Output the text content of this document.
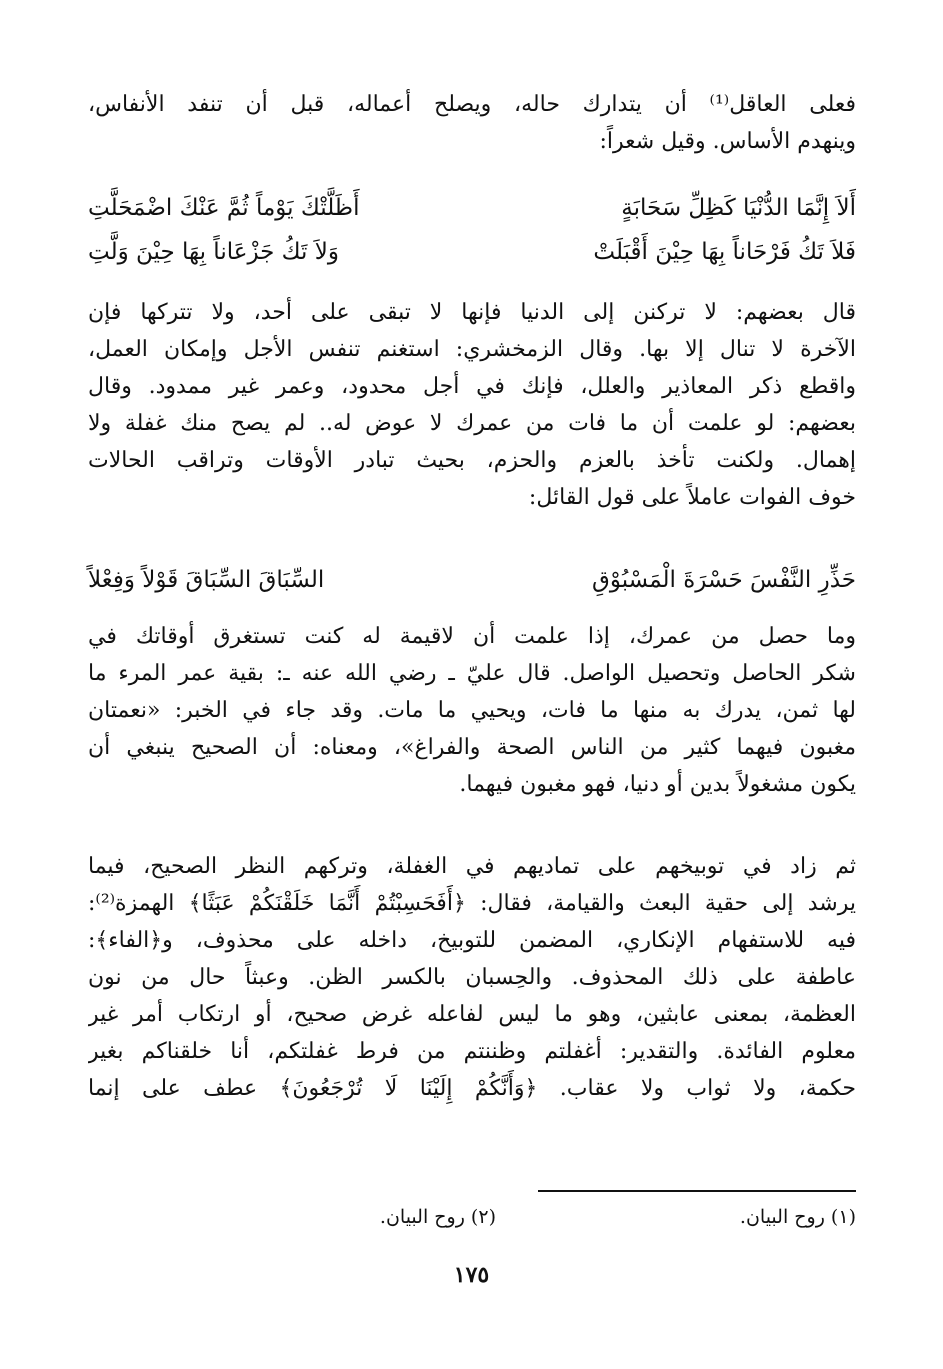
فعلى العاقل⁽¹⁾ أن يتدارك حاله، ويصلح أعماله، قبل أن تنفد الأنفاس،
وينهدم الأساس. وقيل شعراً:
أَلاَ إِنَّمَا الدُّنْيَا كَظِلِّ سَحَابَةٍ
أَظَلَّتْكَ يَوْماً ثُمَّ عَنْكَ اضْمَحَلَّتِ
فَلاَ تَكُ فَرْحَاناً بِهَا حِيْنَ أَقْبَلَتْ
وَلاَ تَكُ جَزْعَاناً بِهَا حِيْنَ وَلَّتِ
قال بعضهم: لا تركنن إلى الدنيا فإنها لا تبقى على أحد، ولا تتركها فإن
الآخرة لا تنال إلا بها. وقال الزمخشري: استغنم تنفس الأجل وإمكان العمل،
واقطع ذكر المعاذير والعلل، فإنك في أجل محدود، وعمر غير ممدود. وقال
بعضهم: لو علمت أن ما فات من عمرك لا عوض له.. لم يصح منك غفلة ولا
إهمال. ولكنت تأخذ بالعزم والحزم، بحيث تبادر الأوقات وتراقب الحالات
خوف الفوات عاملاً على قول القائل:
حَذِّرِ النَّفْسَ حَسْرَةَ الْمَسْبُوْقِ
السِّبَاقَ السِّبَاقَ قَوْلاً وَفِعْلاً
وما حصل من عمرك، إذا علمت أن لاقيمة له كنت تستغرق أوقاتك في
شكر الحاصل وتحصيل الواصل. قال عليّ ـ رضي الله عنه ـ: بقية عمر المرء ما
لها ثمن، يدرك به منها ما فات، ويحيي ما مات. وقد جاء في الخبر: «نعمتان
مغبون فيهما كثير من الناس الصحة والفراغ»، ومعناه: أن الصحيح ينبغي أن
يكون مشغولاً بدين أو دنيا، فهو مغبون فيهما.
ثم زاد في توبيخهم على تماديهم في الغفلة، وتركهم النظر الصحيح، فيما
يرشد إلى حقية البعث والقيامة، فقال: ﴿أَفَحَسِبْتُمْ أَنَّمَا خَلَقْنَكُمْ عَبَثًا﴾ الهمزة⁽²⁾:
فيه للاستفهام الإنكاري، المضمن للتوبيخ، داخله على محذوف، و﴿الفاء﴾:
عاطفة على ذلك المحذوف. والحِسبان بالكسر الظن. وعبثاً حال من نون
العظمة، بمعنى عابثين، وهو ما ليس لفاعله غرض صحيح، أو ارتكاب أمر غير
معلوم الفائدة. والتقدير: أغفلتم وظننتم من فرط غفلتكم، أنا خلقناكم بغير
حكمة، ولا ثواب ولا عقاب. ﴿وَأَنَّكُمْ إِلَيْنَا لَا تُرْجَعُونَ﴾ عطف على إنما
(١) روح البيان.
(٢) روح البيان.
١٧٥
